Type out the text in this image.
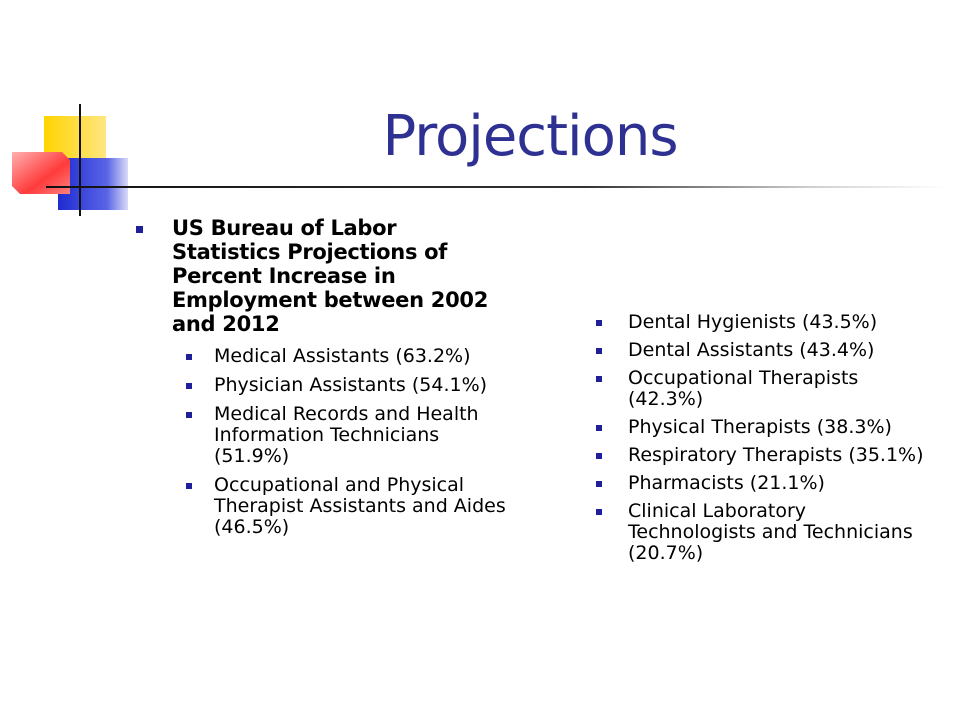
Projections
US Bureau of Labor Statistics Projections of Percent Increase in Employment between 2002 and 2012
Medical Assistants (63.2%)
Physician Assistants (54.1%)
Medical Records and Health Information Technicians (51.9%)
Occupational and Physical Therapist Assistants and Aides (46.5%)
Dental Hygienists (43.5%)
Dental Assistants (43.4%)
Occupational Therapists (42.3%)
Physical Therapists (38.3%)
Respiratory Therapists (35.1%)
Pharmacists (21.1%)
Clinical Laboratory Technologists and Technicians (20.7%)
